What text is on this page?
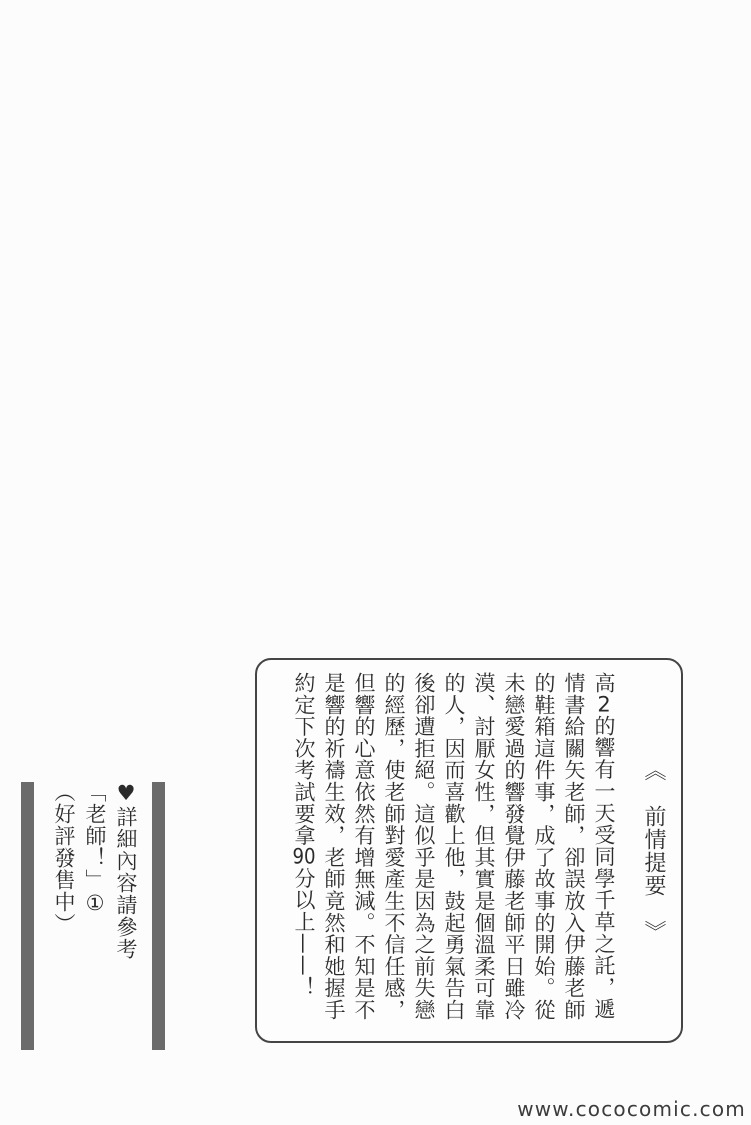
《　前情提要　》
高2的響有一天受同學千草之託，遞
情書給關矢老師，卻誤放入伊藤老師
的鞋箱這件事，成了故事的開始。從
未戀愛過的響發覺伊藤老師平日雖冷
漠、討厭女性，但其實是個溫柔可靠
的人，因而喜歡上他，鼓起勇氣告白
後卻遭拒絕。這似乎是因為之前失戀
的經歷，使老師對愛產生不信任感，
但響的心意依然有增無減。不知是不
是響的祈禱生效，老師竟然和她握手
約定下次考試要拿90分以上——！
♥詳細內容請參考
「老師！」①
（好評發售中）
www.cococomic.com
